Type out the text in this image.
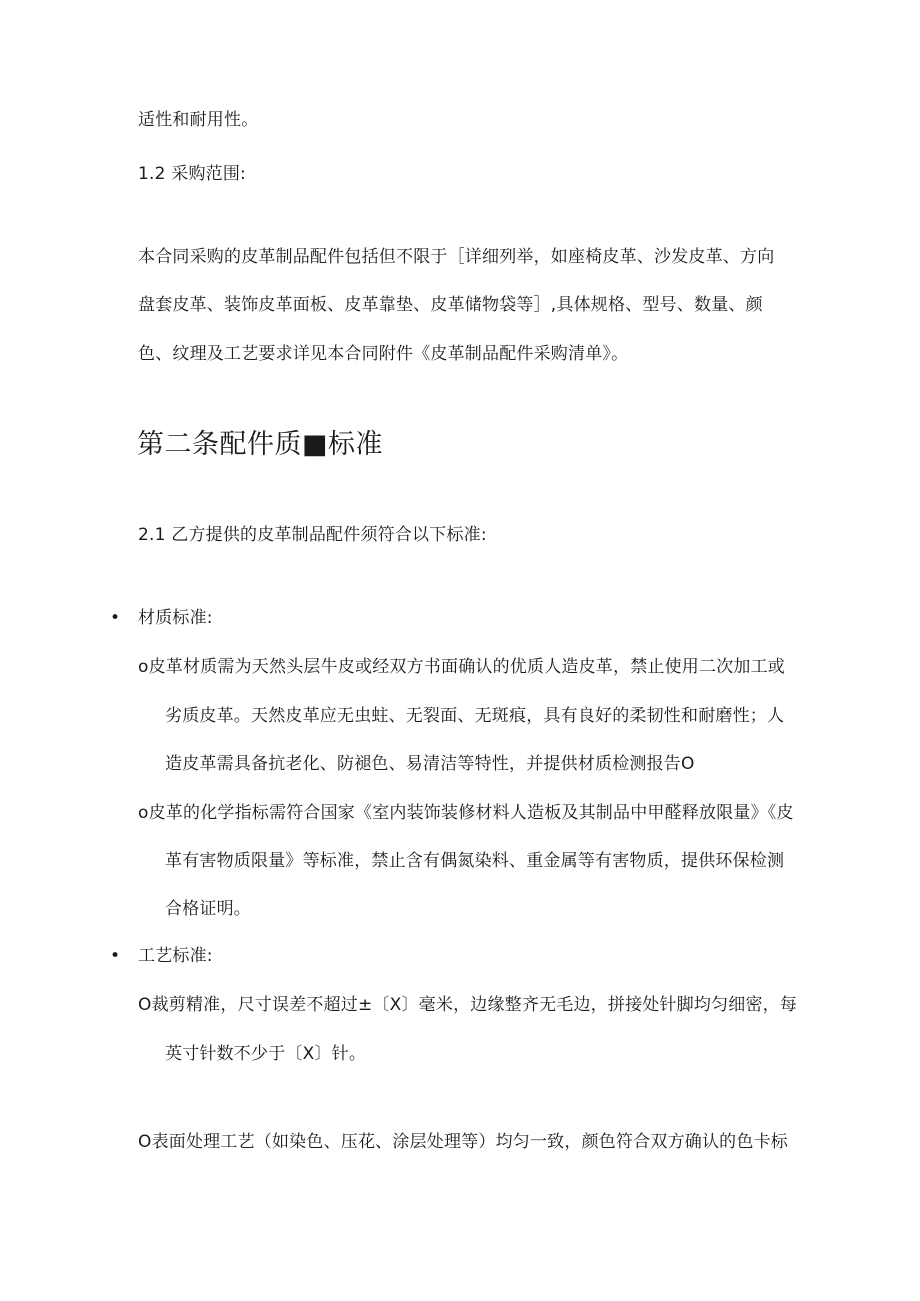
适性和耐用性。
1.2 采购范围:
本合同采购的皮革制品配件包括但不限于［详细列举，如座椅皮革、沙发皮革、方向
盘套皮革、装饰皮革面板、皮革靠垫、皮革储物袋等］,具体规格、型号、数量、颜
色、纹理及工艺要求详见本合同附件《皮革制品配件采购清单》。
第二条配件质■标准
2.1 乙方提供的皮革制品配件须符合以下标准:
• 材质标准:
o皮革材质需为天然头层牛皮或经双方书面确认的优质人造皮革，禁止使用二次加工或
劣质皮革。天然皮革应无虫蛀、无裂面、无斑痕，具有良好的柔韧性和耐磨性；人
造皮革需具备抗老化、防褪色、易清洁等特性，并提供材质检测报告O
o皮革的化学指标需符合国家《室内装饰装修材料人造板及其制品中甲醛释放限量》《皮
革有害物质限量》等标准，禁止含有偶氮染料、重金属等有害物质，提供环保检测
合格证明。
• 工艺标准:
O裁剪精准，尺寸误差不超过±〔X〕毫米，边缘整齐无毛边，拼接处针脚均匀细密，每
英寸针数不少于〔X〕针。
O表面处理工艺（如染色、压花、涂层处理等）均匀一致，颜色符合双方确认的色卡标
